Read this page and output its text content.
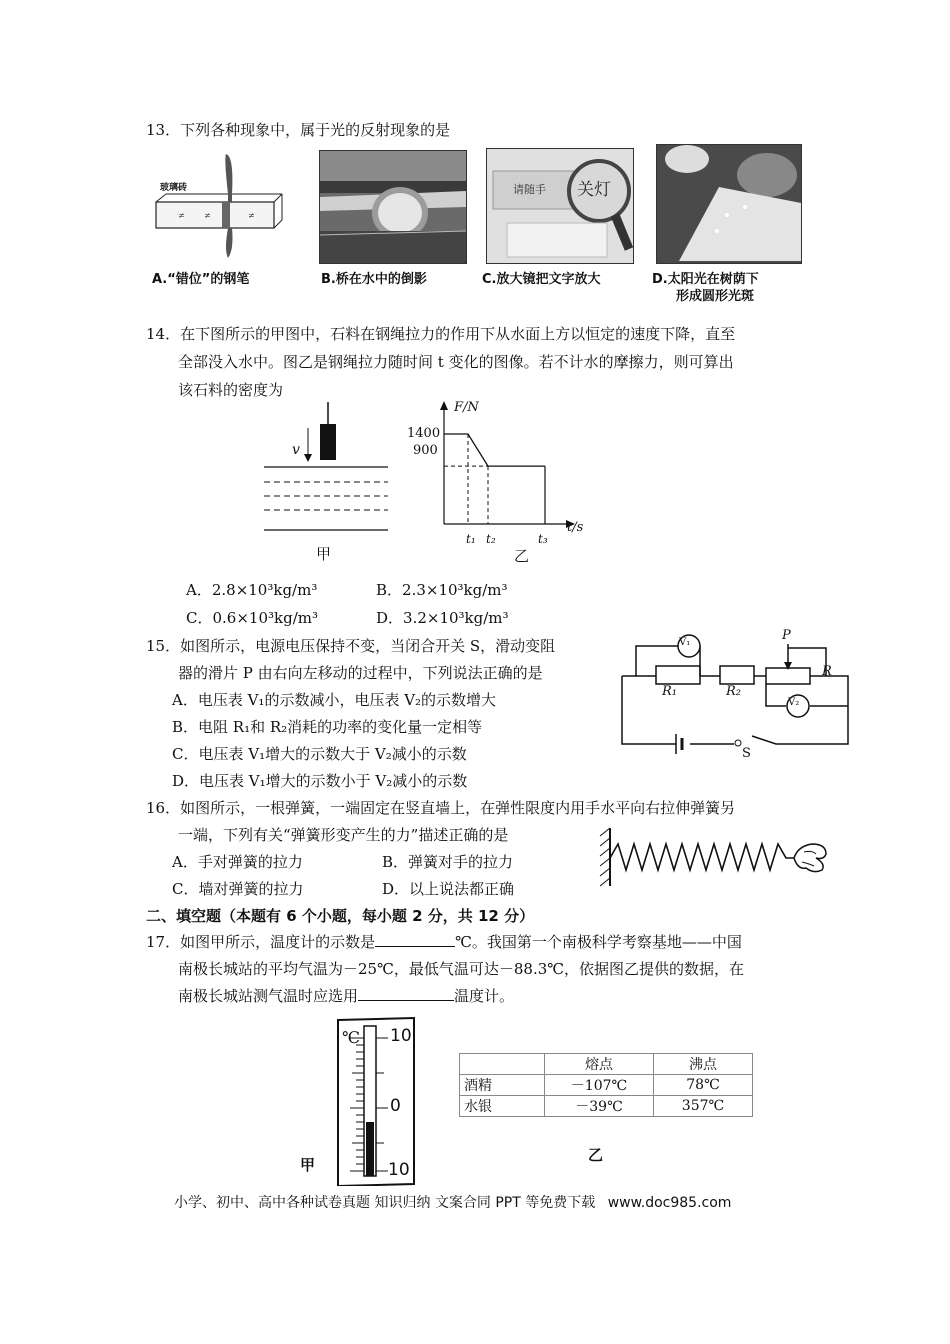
13．下列各种现象中，属于光的反射现象的是
≠ ≠	≠
玻璃砖	请随手 关灯
A.“错位”的钢笔	B.桥在水中的倒影	C.放大镜把文字放大	D.太阳光在树荫下
形成圆形光斑
14．在下图所示的甲图中，石料在钢绳拉力的作用下从水面上方以恒定的速度下降，直至
全部没入水中。图乙是钢绳拉力随时间 t 变化的图像。若不计水的摩擦力，则可算出
该石料的密度为
v
甲
F/N
t/s
1400
900
t₁ t₂	t₃
乙
A．2.8×10³kg/m³	B．2.3×10³kg/m³
C．0.6×10³kg/m³	D．3.2×10³kg/m³
15．如图所示，电源电压保持不变，当闭合开关 S，滑动变阻
器的滑片 P 由右向左移动的过程中，下列说法正确的是
A．电压表 V₁的示数减小，电压表 V₂的示数增大
B．电阻 R₁和 R₂消耗的功率的变化量一定相等
C．电压表 V₁增大的示数大于 V₂减小的示数
D．电压表 V₁增大的示数小于 V₂减小的示数
V₁
V₂
R₁	R₂
R
P
S
16．如图所示，一根弹簧，一端固定在竖直墙上，在弹性限度内用手水平向右拉伸弹簧另
一端，下列有关“弹簧形变产生的力”描述正确的是
A．手对弹簧的拉力	B．弹簧对手的拉力
C．墙对弹簧的拉力	D．以上说法都正确
二、填空题（本题有 6 个小题，每小题 2 分，共 12 分）
17．如图甲所示，温度计的示数是	℃。我国第一个南极科学考察基地——中国
南极长城站的平均气温为－25℃，最低气温可达－88.3℃，依据图乙提供的数据，在
南极长城站测气温时应选用	温度计。
℃ 10
0
10
甲
	熔点	沸点
酒精	－107℃	78℃
水银	－39℃	357℃
乙
小学、初中、高中各种试卷真题 知识归纳 文案合同 PPT 等免费下载 www.doc985.com
